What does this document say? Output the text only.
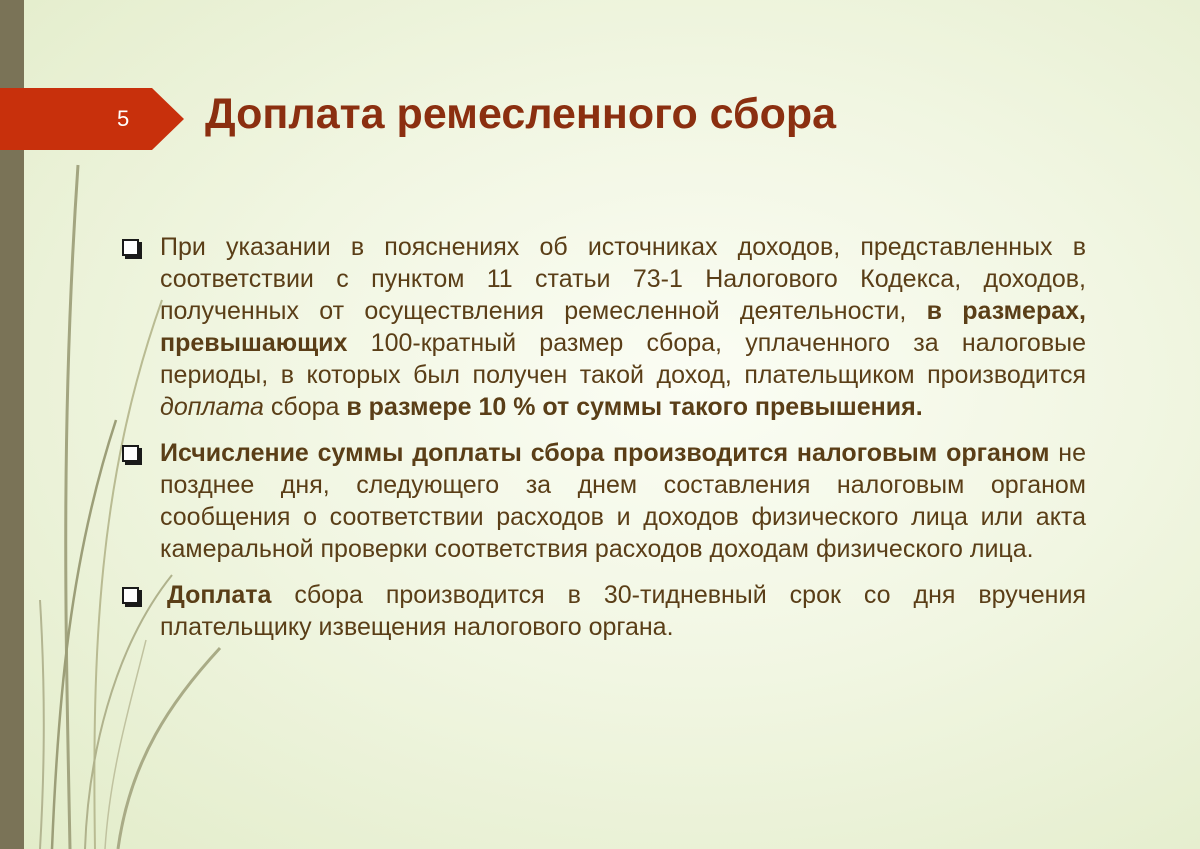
5 Доплата ремесленного сбора
При указании в пояснениях об источниках доходов, представленных в соответствии с пунктом 11 статьи 73-1 Налогового Кодекса, доходов, полученных от осуществления ремесленной деятельности, в размерах, превышающих 100-кратный размер сбора, уплаченного за налоговые периоды, в которых был получен такой доход, плательщиком производится доплата сбора в размере 10 % от суммы такого превышения.
Исчисление суммы доплаты сбора производится налоговым органом не позднее дня, следующего за днем составления налоговым органом сообщения о соответствии расходов и доходов физического лица или акта камеральной проверки соответствия расходов доходам физического лица.
Доплата сбора производится в 30-тидневный срок со дня вручения плательщику извещения налогового органа.
